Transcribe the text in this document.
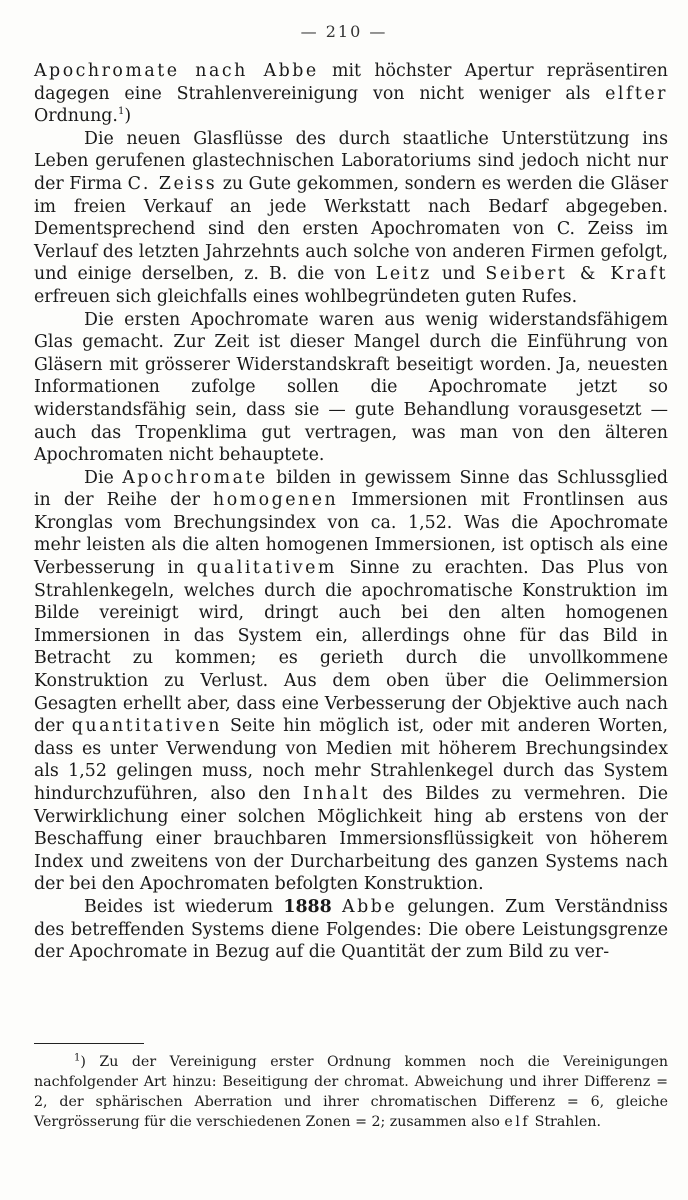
— 210 —

Apochromate nach Abbe mit höchster Apertur repräsentiren dagegen eine Strahlenvereinigung von nicht weniger als elfter Ordnung.$^1$)

Die neuen Glasflüsse des durch staatliche Unterstützung ins Leben gerufenen glastechnischen Laboratoriums sind jedoch nicht nur der Firma C. Zeiss zu Gute gekommen, sondern es werden die Gläser im freien Verkauf an jede Werkstatt nach Bedarf abgegeben. Dementsprechend sind den ersten Apochromaten von C. Zeiss im Verlauf des letzten Jahrzehnts auch solche von anderen Firmen gefolgt, und einige derselben, z. B. die von Leitz und Seibert & Kraft erfreuen sich gleichfalls eines wohlbegründeten guten Rufes.

Die ersten Apochromate waren aus wenig widerstandsfähigem Glas gemacht. Zur Zeit ist dieser Mangel durch die Einführung von Gläsern mit grösserer Widerstandskraft beseitigt worden. Ja, neuesten Informationen zufolge sollen die Apochromate jetzt so widerstandsfähig sein, dass sie — gute Behandlung vorausgesetzt — auch das Tropenklima gut vertragen, was man von den älteren Apochromaten nicht behauptete.

Die Apochromate bilden in gewissem Sinne das Schlussglied in der Reihe der homogenen Immersionen mit Frontlinsen aus Kronglas vom Brechungsindex von ca. 1,52. Was die Apochromate mehr leisten als die alten homogenen Immersionen, ist optisch als eine Verbesserung in qualitativem Sinne zu erachten. Das Plus von Strahlenkegeln, welches durch die apochromatische Konstruktion im Bilde vereinigt wird, dringt auch bei den alten homogenen Immersionen in das System ein, allerdings ohne für das Bild in Betracht zu kommen; es gerieth durch die unvollkommene Konstruktion zu Verlust. Aus dem oben über die Oelimmersion Gesagten erhellt aber, dass eine Verbesserung der Objektive auch nach der quantitativen Seite hin möglich ist, oder mit anderen Worten, dass es unter Verwendung von Medien mit höherem Brechungsindex als 1,52 gelingen muss, noch mehr Strahlenkegel durch das System hindurchzuführen, also den Inhalt des Bildes zu vermehren. Die Verwirklichung einer solchen Möglichkeit hing ab erstens von der Beschaffung einer brauchbaren Immersionsflüssigkeit von höherem Index und zweitens von der Durcharbeitung des ganzen Systems nach der bei den Apochromaten befolgten Konstruktion.

Beides ist wiederum 1888 Abbe gelungen. Zum Verständniss des betreffenden Systems diene Folgendes: Die obere Leistungsgrenze der Apochromate in Bezug auf die Quantität der zum Bild zu ver-

$^1$) Zu der Vereinigung erster Ordnung kommen noch die Vereinigungen nachfolgender Art hinzu: Beseitigung der chromat. Abweichung und ihrer Differenz = 2, der sphärischen Aberration und ihrer chromatischen Differenz = 6, gleiche Vergrösserung für die verschiedenen Zonen = 2; zusammen also elf Strahlen.
